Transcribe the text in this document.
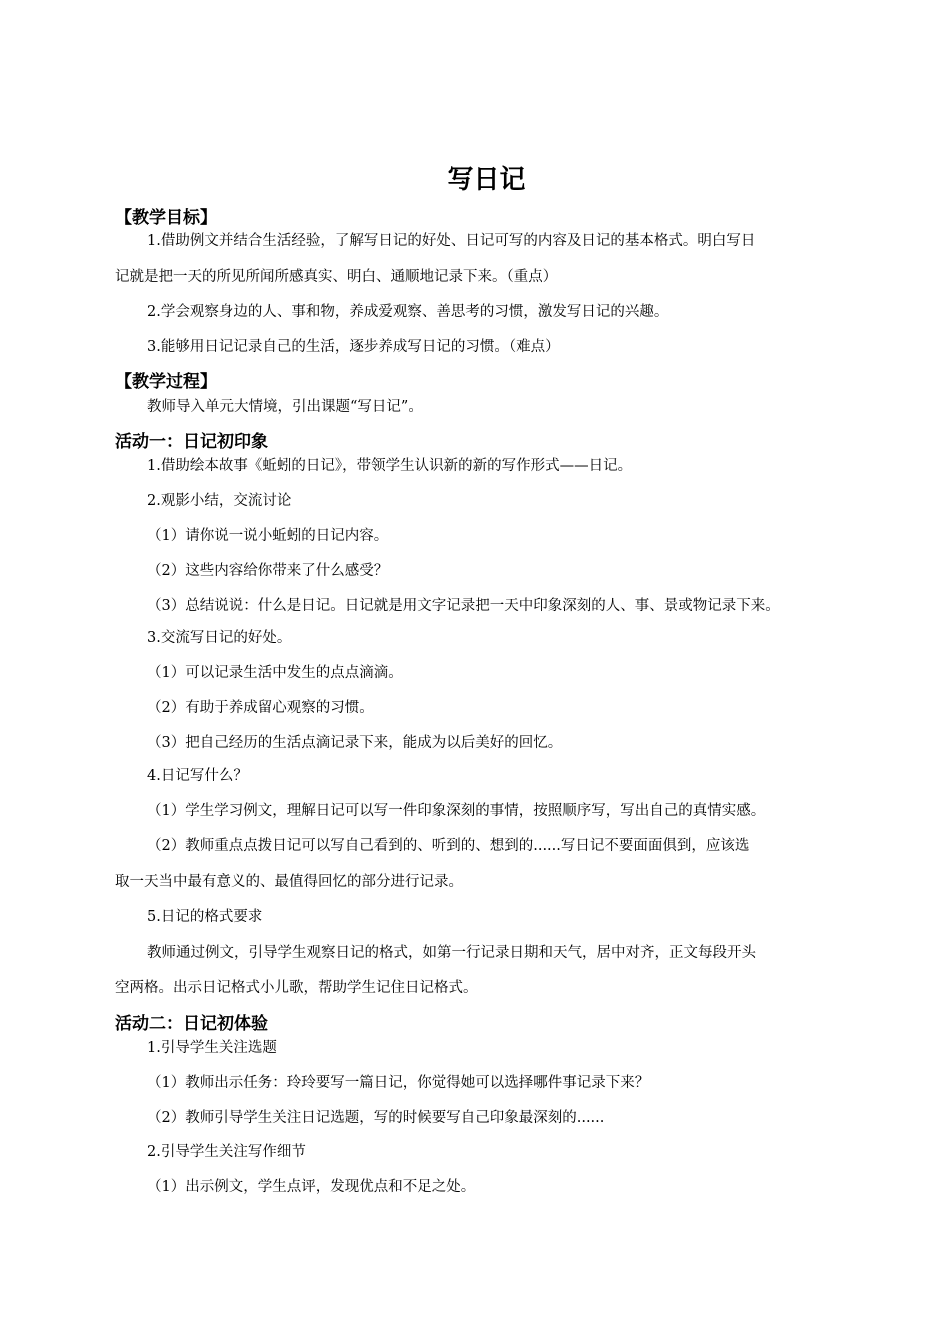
写日记
【教学目标】
1.借助例文并结合生活经验，了解写日记的好处、日记可写的内容及日记的基本格式。明白写日
记就是把一天的所见所闻所感真实、明白、通顺地记录下来。（重点）
2.学会观察身边的人、事和物，养成爱观察、善思考的习惯，激发写日记的兴趣。
3.能够用日记记录自己的生活，逐步养成写日记的习惯。（难点）
【教学过程】
教师导入单元大情境，引出课题“写日记”。
活动一：日记初印象
1.借助绘本故事《蚯蚓的日记》，带领学生认识新的新的写作形式——日记。
2.观影小结，交流讨论
（1）请你说一说小蚯蚓的日记内容。
（2）这些内容给你带来了什么感受？
（3）总结说说：什么是日记。日记就是用文字记录把一天中印象深刻的人、事、景或物记录下来。
3.交流写日记的好处。
（1）可以记录生活中发生的点点滴滴。
（2）有助于养成留心观察的习惯。
（3）把自己经历的生活点滴记录下来，能成为以后美好的回忆。
4.日记写什么？
（1）学生学习例文，理解日记可以写一件印象深刻的事情，按照顺序写，写出自己的真情实感。
（2）教师重点点拨日记可以写自己看到的、听到的、想到的......写日记不要面面俱到，应该选
取一天当中最有意义的、最值得回忆的部分进行记录。
5.日记的格式要求
教师通过例文，引导学生观察日记的格式，如第一行记录日期和天气，居中对齐，正文每段开头
空两格。出示日记格式小儿歌，帮助学生记住日记格式。
活动二：日记初体验
1.引导学生关注选题
（1）教师出示任务：玲玲要写一篇日记，你觉得她可以选择哪件事记录下来？
（2）教师引导学生关注日记选题，写的时候要写自己印象最深刻的......
2.引导学生关注写作细节
（1）出示例文，学生点评，发现优点和不足之处。
